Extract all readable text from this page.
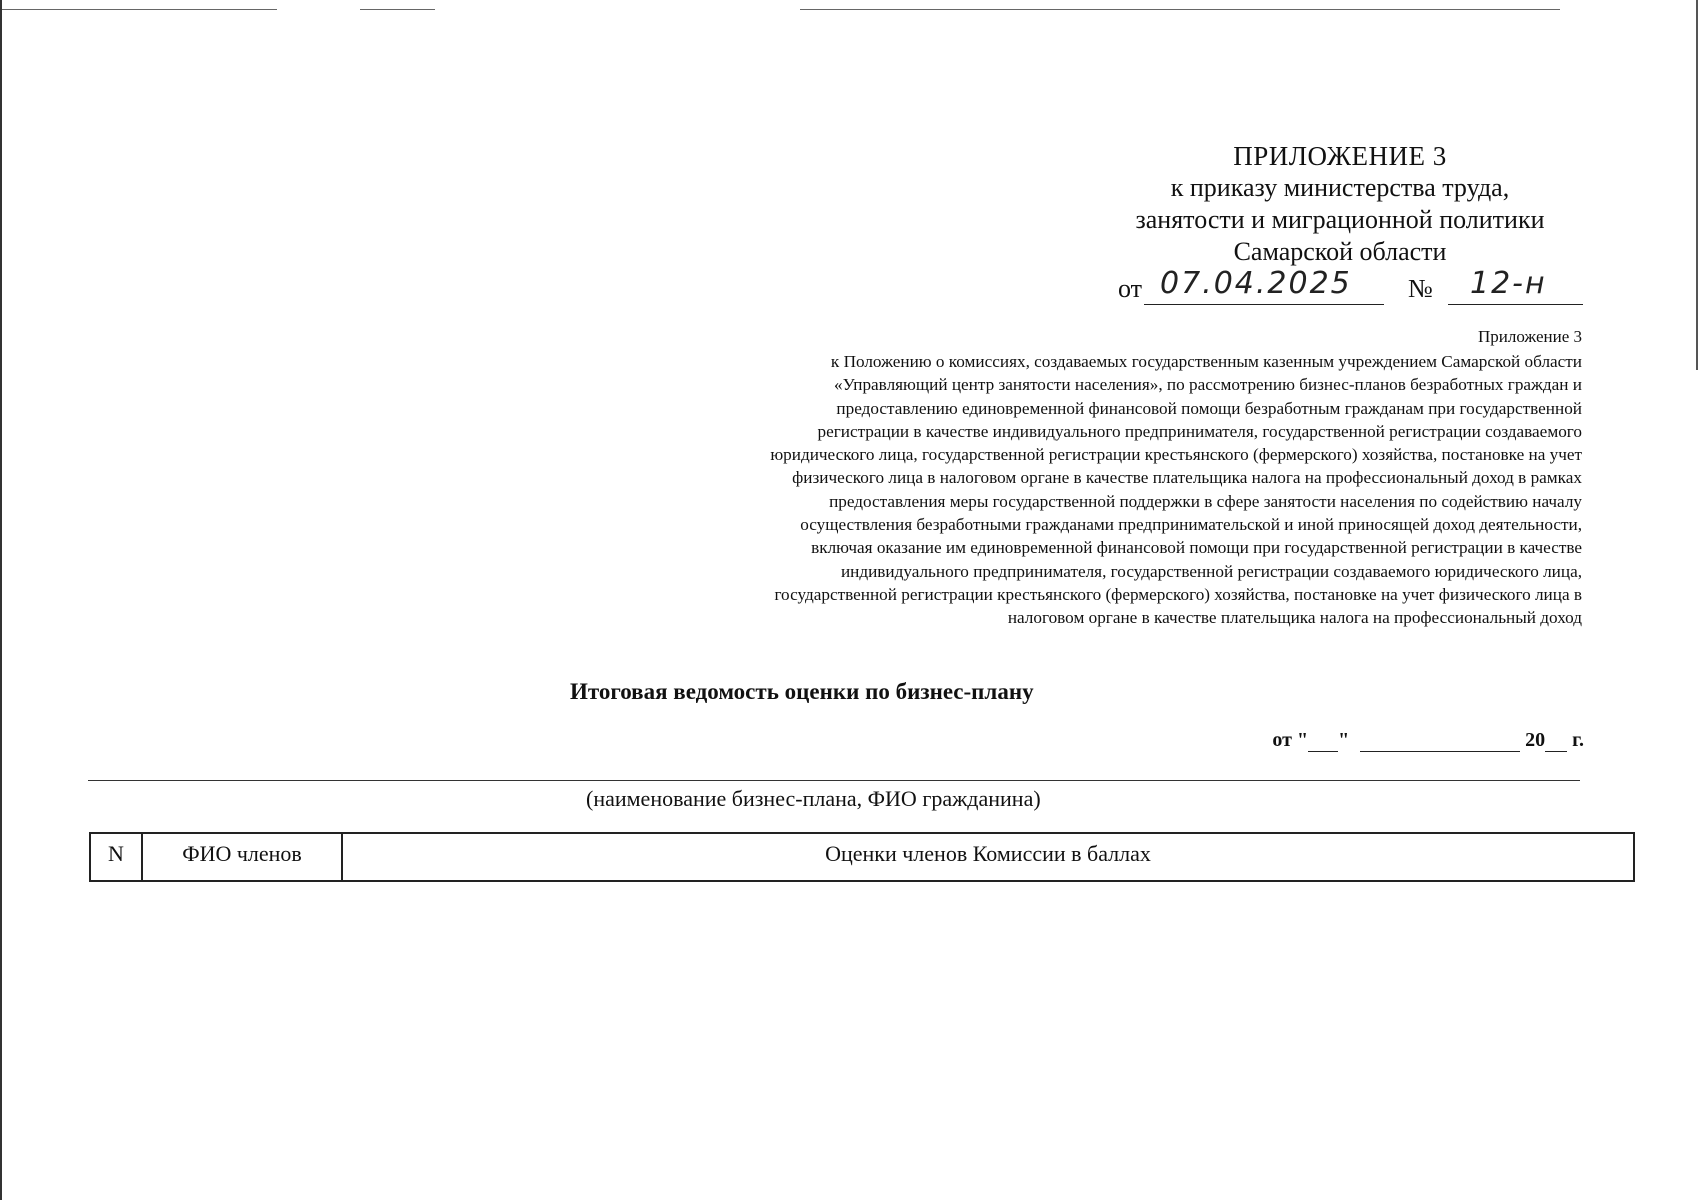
ПРИЛОЖЕНИЕ 3
к приказу министерства труда,
занятости и миграционной политики
Самарской области
от 07.04.2025 № 12-н
Приложение 3
к Положению о комиссиях, создаваемых государственным казенным учреждением Самарской области
«Управляющий центр занятости населения», по рассмотрению бизнес-планов безработных граждан и
предоставлению единовременной финансовой помощи безработным гражданам при государственной
регистрации в качестве индивидуального предпринимателя, государственной регистрации создаваемого
юридического лица, государственной регистрации крестьянского (фермерского) хозяйства, постановке на учет
физического лица в налоговом органе в качестве плательщика налога на профессиональный доход в рамках
предоставления меры государственной поддержки в сфере занятости населения по содействию началу
осуществления безработными гражданами предпринимательской и иной приносящей доход деятельности,
включая оказание им единовременной финансовой помощи при государственной регистрации в качестве
индивидуального предпринимателя, государственной регистрации создаваемого юридического лица,
государственной регистрации крестьянского (фермерского) хозяйства, постановке на учет физического лица в
налоговом органе в качестве плательщика налога на профессиональный доход
Итоговая ведомость оценки по бизнес-плану
от " "	20 г.
(наименование бизнес-плана, ФИО гражданина)
N	ФИО членов	Оценки членов Комиссии в баллах
